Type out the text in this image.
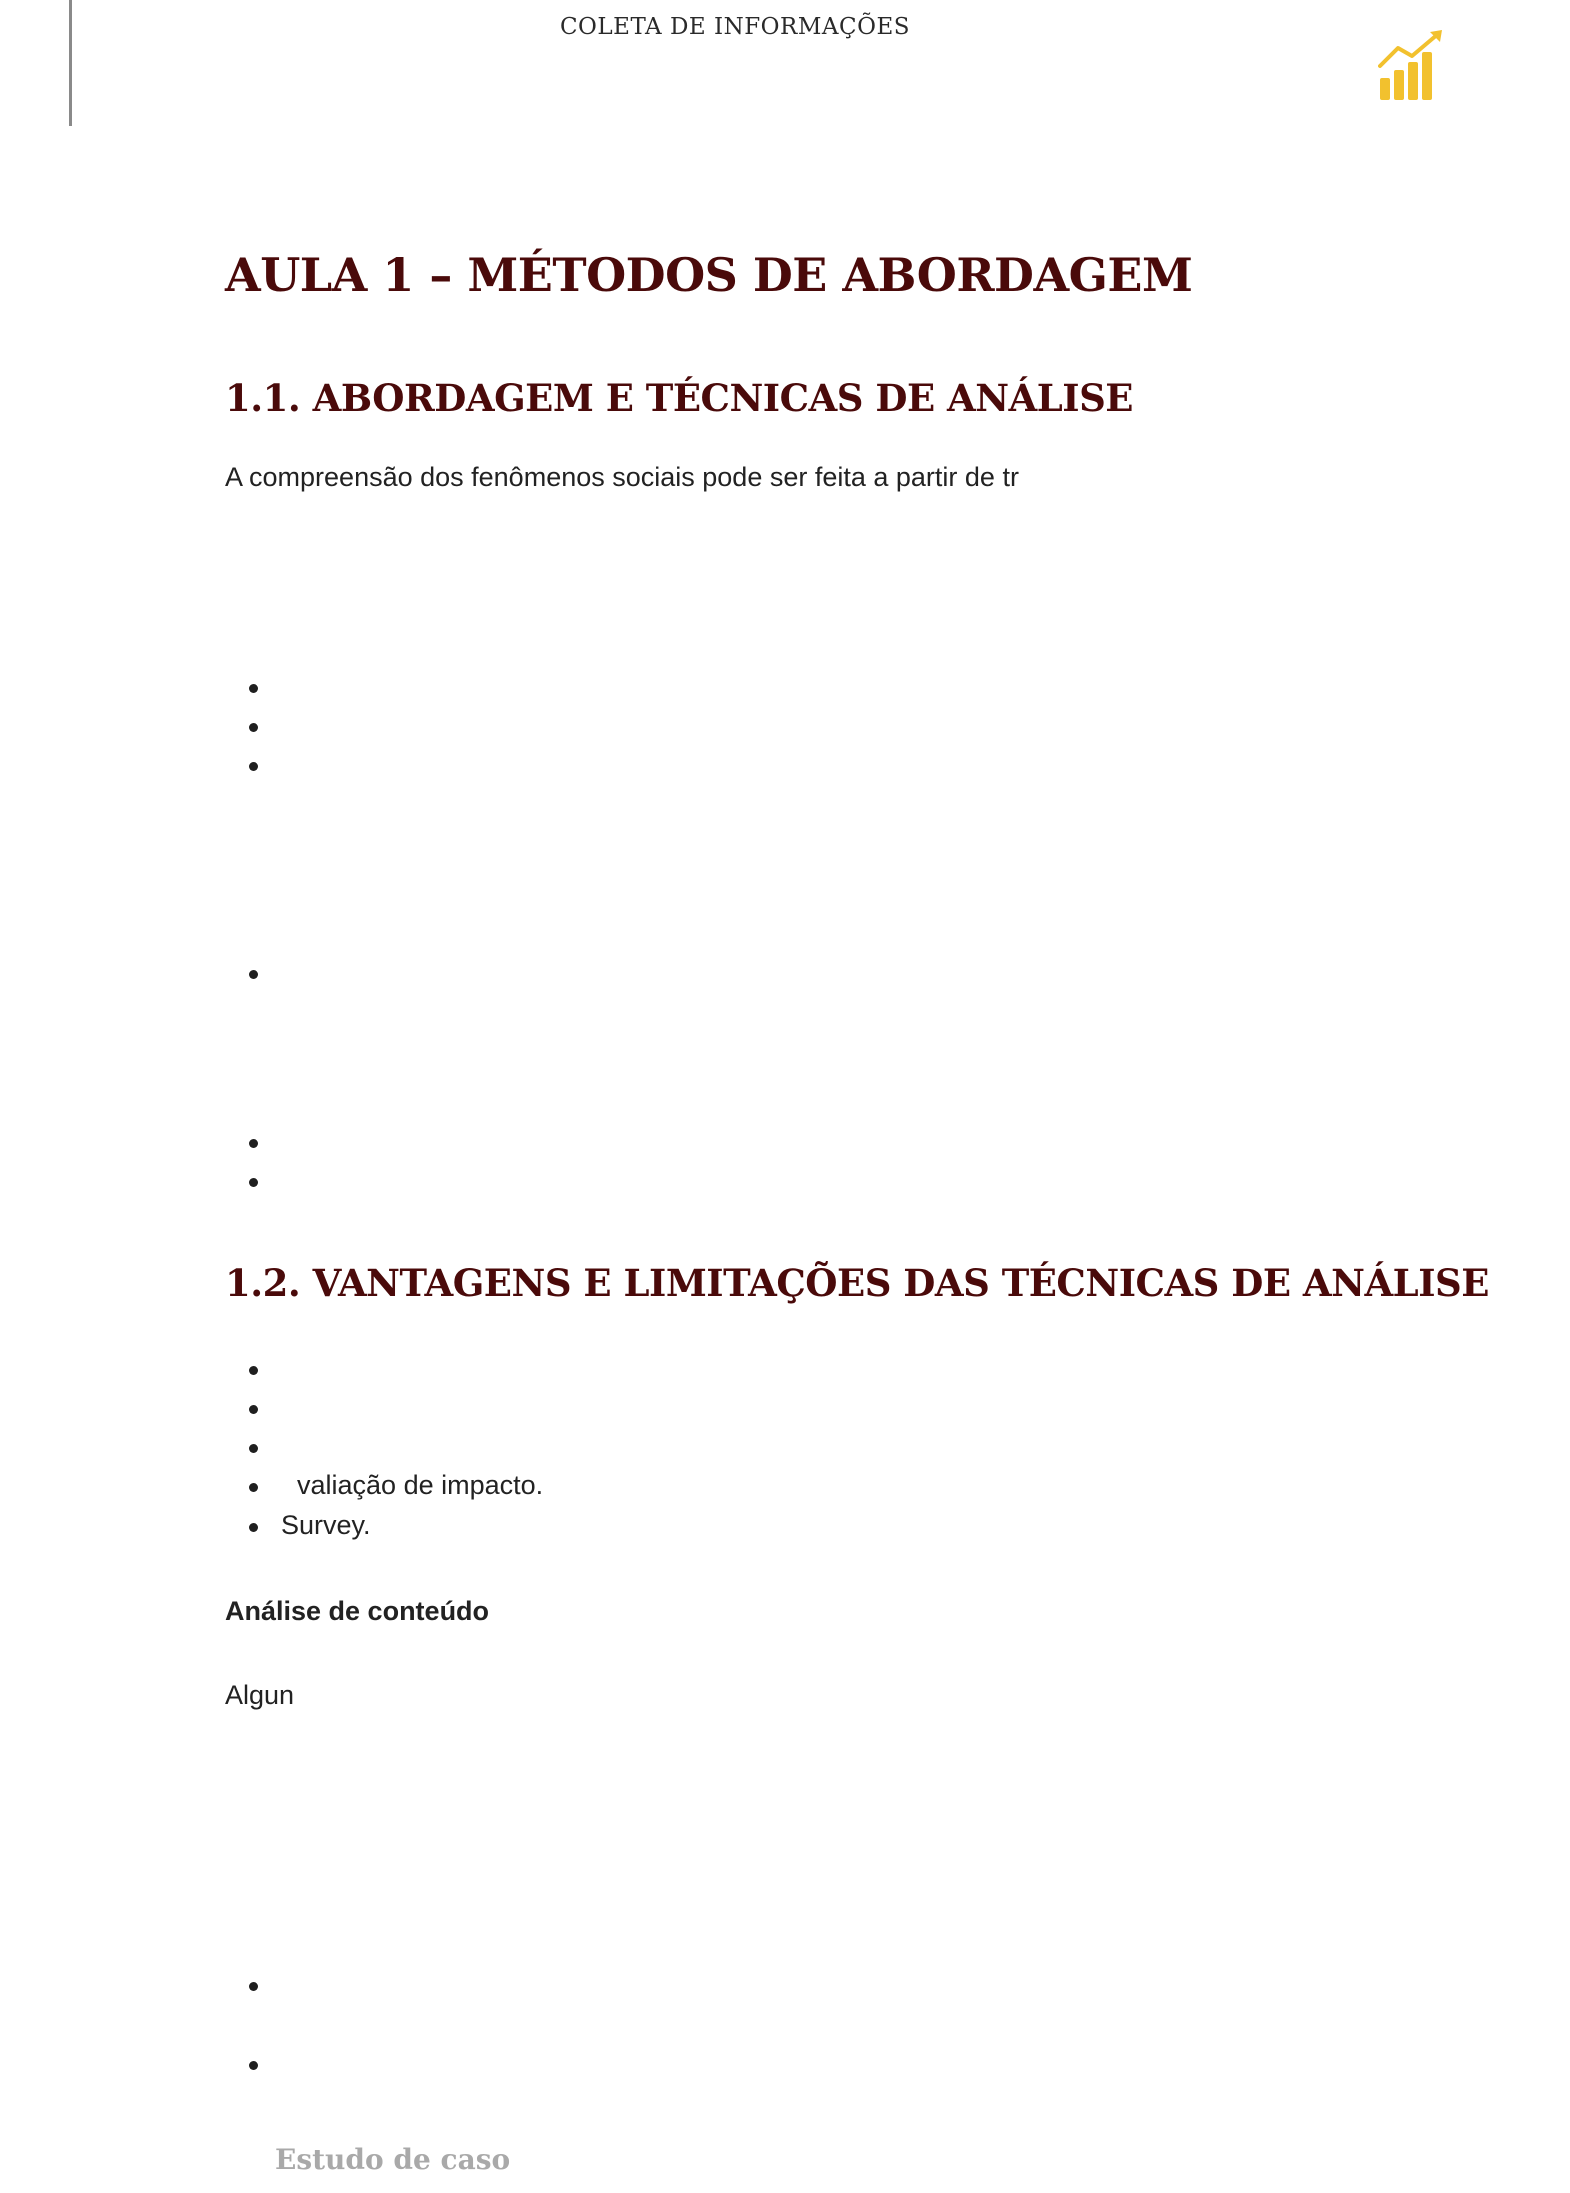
COLETA DE INFORMAÇÕES
AULA 1 – MÉTODOS DE ABORDAGEM
1.1. ABORDAGEM E TÉCNICAS DE ANÁLISE

A compreensão dos fenômenos sociais pode ser feita a partir de tr

1.2. VANTAGENS E LIMITAÇÕES DAS TÉCNICAS DE ANÁLISE
valiação de impacto.
Survey.

Análise de conteúdo

Algun

Estudo de caso
